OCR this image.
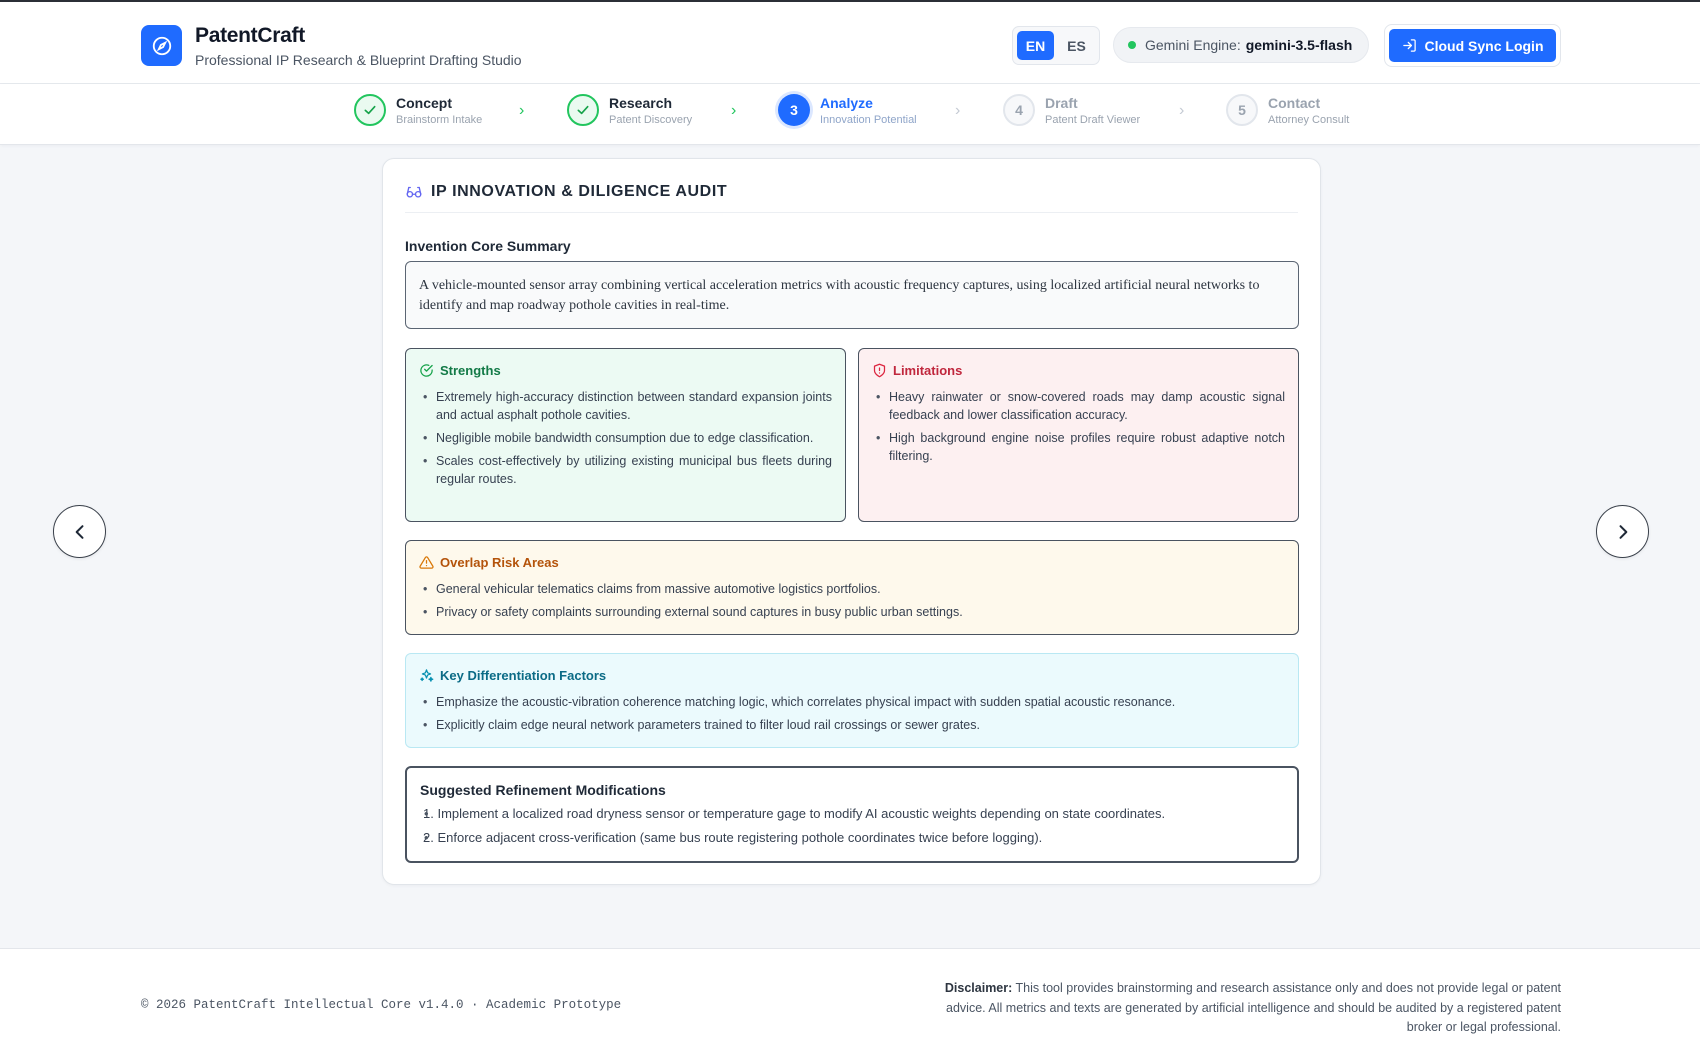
PatentCraft
Professional IP Research & Blueprint Drafting Studio
EN	ES	Gemini Engine: gemini-3.5-flash	Cloud Sync Login
Concept
Brainstorm Intake
›	Research
Patent Discovery
›	3	Analyze
Innovation Potential
›	4	Draft
Patent Draft Viewer
›	5	Contact
Attorney Consult
IP INNOVATION & DILIGENCE AUDIT
Invention Core Summary
A vehicle-mounted sensor array combining vertical acceleration metrics with acoustic frequency captures, using localized artificial neural networks to identify and map roadway pothole cavities in real-time.
Strengths
• Extremely high-accuracy distinction between standard expansion joints and actual asphalt pothole cavities.
• Negligible mobile bandwidth consumption due to edge classification.
• Scales cost-effectively by utilizing existing municipal bus fleets during regular routes.
Limitations
• Heavy rainwater or snow-covered roads may damp acoustic signal feedback and lower classification accuracy.
• High background engine noise profiles require robust adaptive notch filtering.
Overlap Risk Areas
• General vehicular telematics claims from massive automotive logistics portfolios.
• Privacy or safety complaints surrounding external sound captures in busy public urban settings.
Key Differentiation Factors
• Emphasize the acoustic-vibration coherence matching logic, which correlates physical impact with sudden spatial acoustic resonance.
• Explicitly claim edge neural network parameters trained to filter loud rail crossings or sewer grates.
Suggested Refinement Modifications
• 1. Implement a localized road dryness sensor or temperature gage to modify AI acoustic weights depending on state coordinates.
• 2. Enforce adjacent cross-verification (same bus route registering pothole coordinates twice before logging).
© 2026 PatentCraft Intellectual Core v1.4.0 · Academic Prototype
Disclaimer: This tool provides brainstorming and research assistance only and does not provide legal or patent advice. All metrics and texts are generated by artificial intelligence and should be audited by a registered patent broker or legal professional.
